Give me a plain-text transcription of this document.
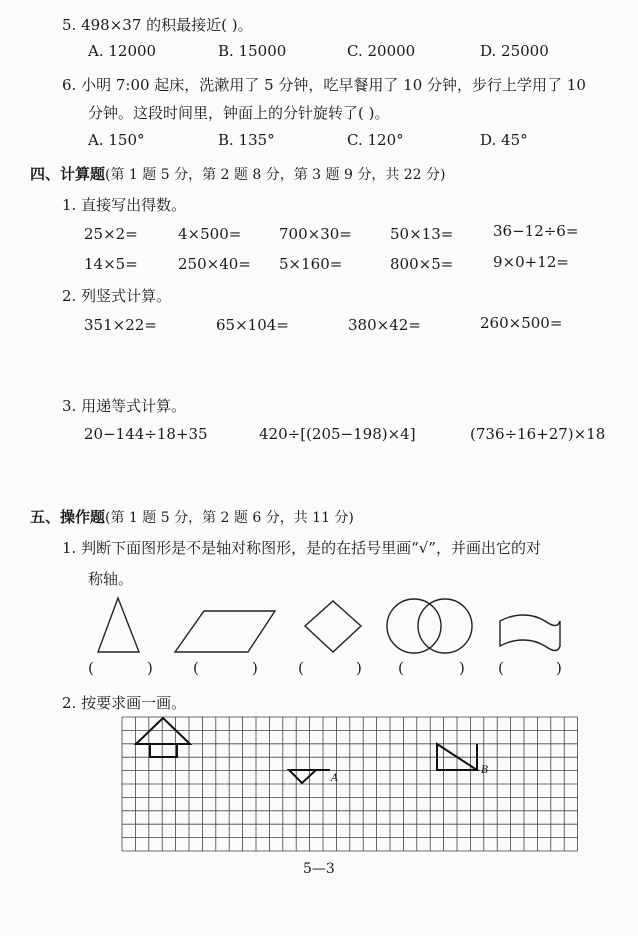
5. 498×37 的积最接近( )。
A. 12000	B. 15000	C. 20000	D. 25000
6. 小明 7:00 起床，洗漱用了 5 分钟，吃早餐用了 10 分钟，步行上学用了 10
分钟。这段时间里，钟面上的分针旋转了( )。
A. 150°	B. 135°	C. 120°	D. 45°
四、计算题(第 1 题 5 分，第 2 题 8 分，第 3 题 9 分，共 22 分)
1. 直接写出得数。
25×2=	4×500=	700×30=	50×13=	36−12÷6=
14×5=	250×40= 5×160=	800×5=	9×0+12=
2. 列竖式计算。
351×22=	65×104=	380×42=	260×500=
3. 用递等式计算。
20−144÷18+35	420÷[(205−198)×4]	(736÷16+27)×18
五、操作题(第 1 题 5 分，第 2 题 6 分，共 11 分)
1. 判断下面图形是不是轴对称图形，是的在括号里画“√”，并画出它的对
称轴。
(	)	(	)	(	) (	) (	)
2. 按要求画一画。
A
B
5—3
